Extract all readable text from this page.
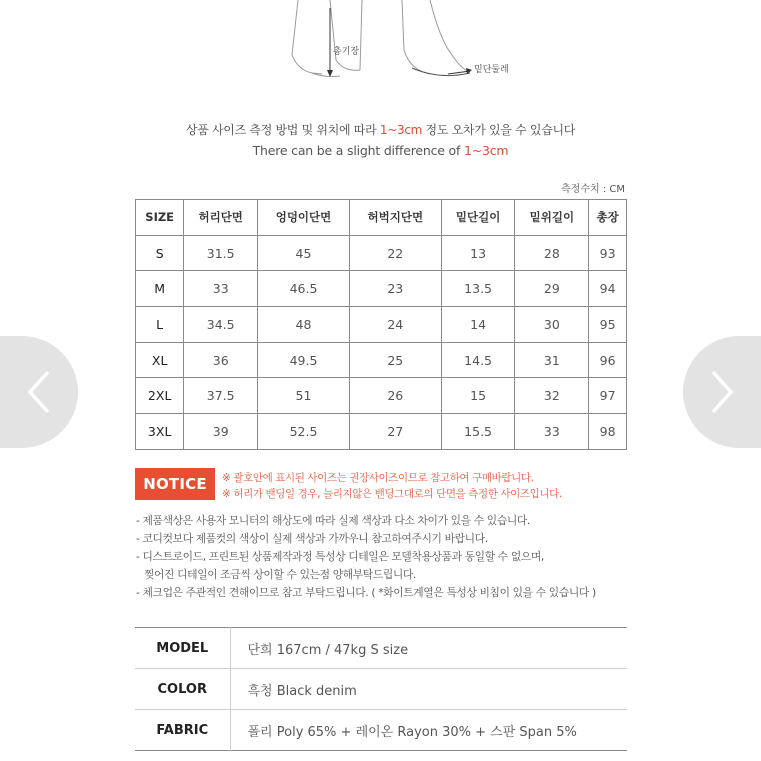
총기장
밑단둘레
상품 사이즈 측정 방법 및 위치에 따라 1~3cm 정도 오차가 있을 수 있습니다
There can be a slight difference of 1~3cm
측정수치 : CM
SIZE	허리단면	엉덩이단면	허벅지단면	밑단길이	밑위길이	총장
S	31.5	45	22	13	28	93
M	33	46.5	23	13.5	29	94
L	34.5	48	24	14	30	95
XL	36	49.5	25	14.5	31	96
2XL	37.5	51	26	15	32	97
3XL	39	52.5	27	15.5	33	98
NOTICE	※ 괄호안에 표시된 사이즈는 권장사이즈이므로 참고하여 구매바랍니다.
※ 허리가 밴딩일 경우, 늘리지않은 밴딩그대로의 단면을 측정한 사이즈입니다.
- 제품색상은 사용자 모니터의 해상도에 따라 실제 색상과 다소 차이가 있을 수 있습니다.
- 코디컷보다 제품컷의 색상이 실제 색상과 가까우니 참고하여주시기 바랍니다.
- 디스트로이드, 프린트된 상품제작과정 특성상 디테일은 모델착용상품과 동일할 수 없으며,
찢어진 디테일이 조금씩 상이할 수 있는점 양해부탁드립니다.
- 체크업은 주관적인 견해이므로 참고 부탁드립니다. ( *화이트계열은 특성상 비침이 있을 수 있습니다 )
MODEL	단희 167cm / 47kg S size
COLOR	흑청 Black denim
FABRIC	폴리 Poly 65% + 레이온 Rayon 30% + 스판 Span 5%
